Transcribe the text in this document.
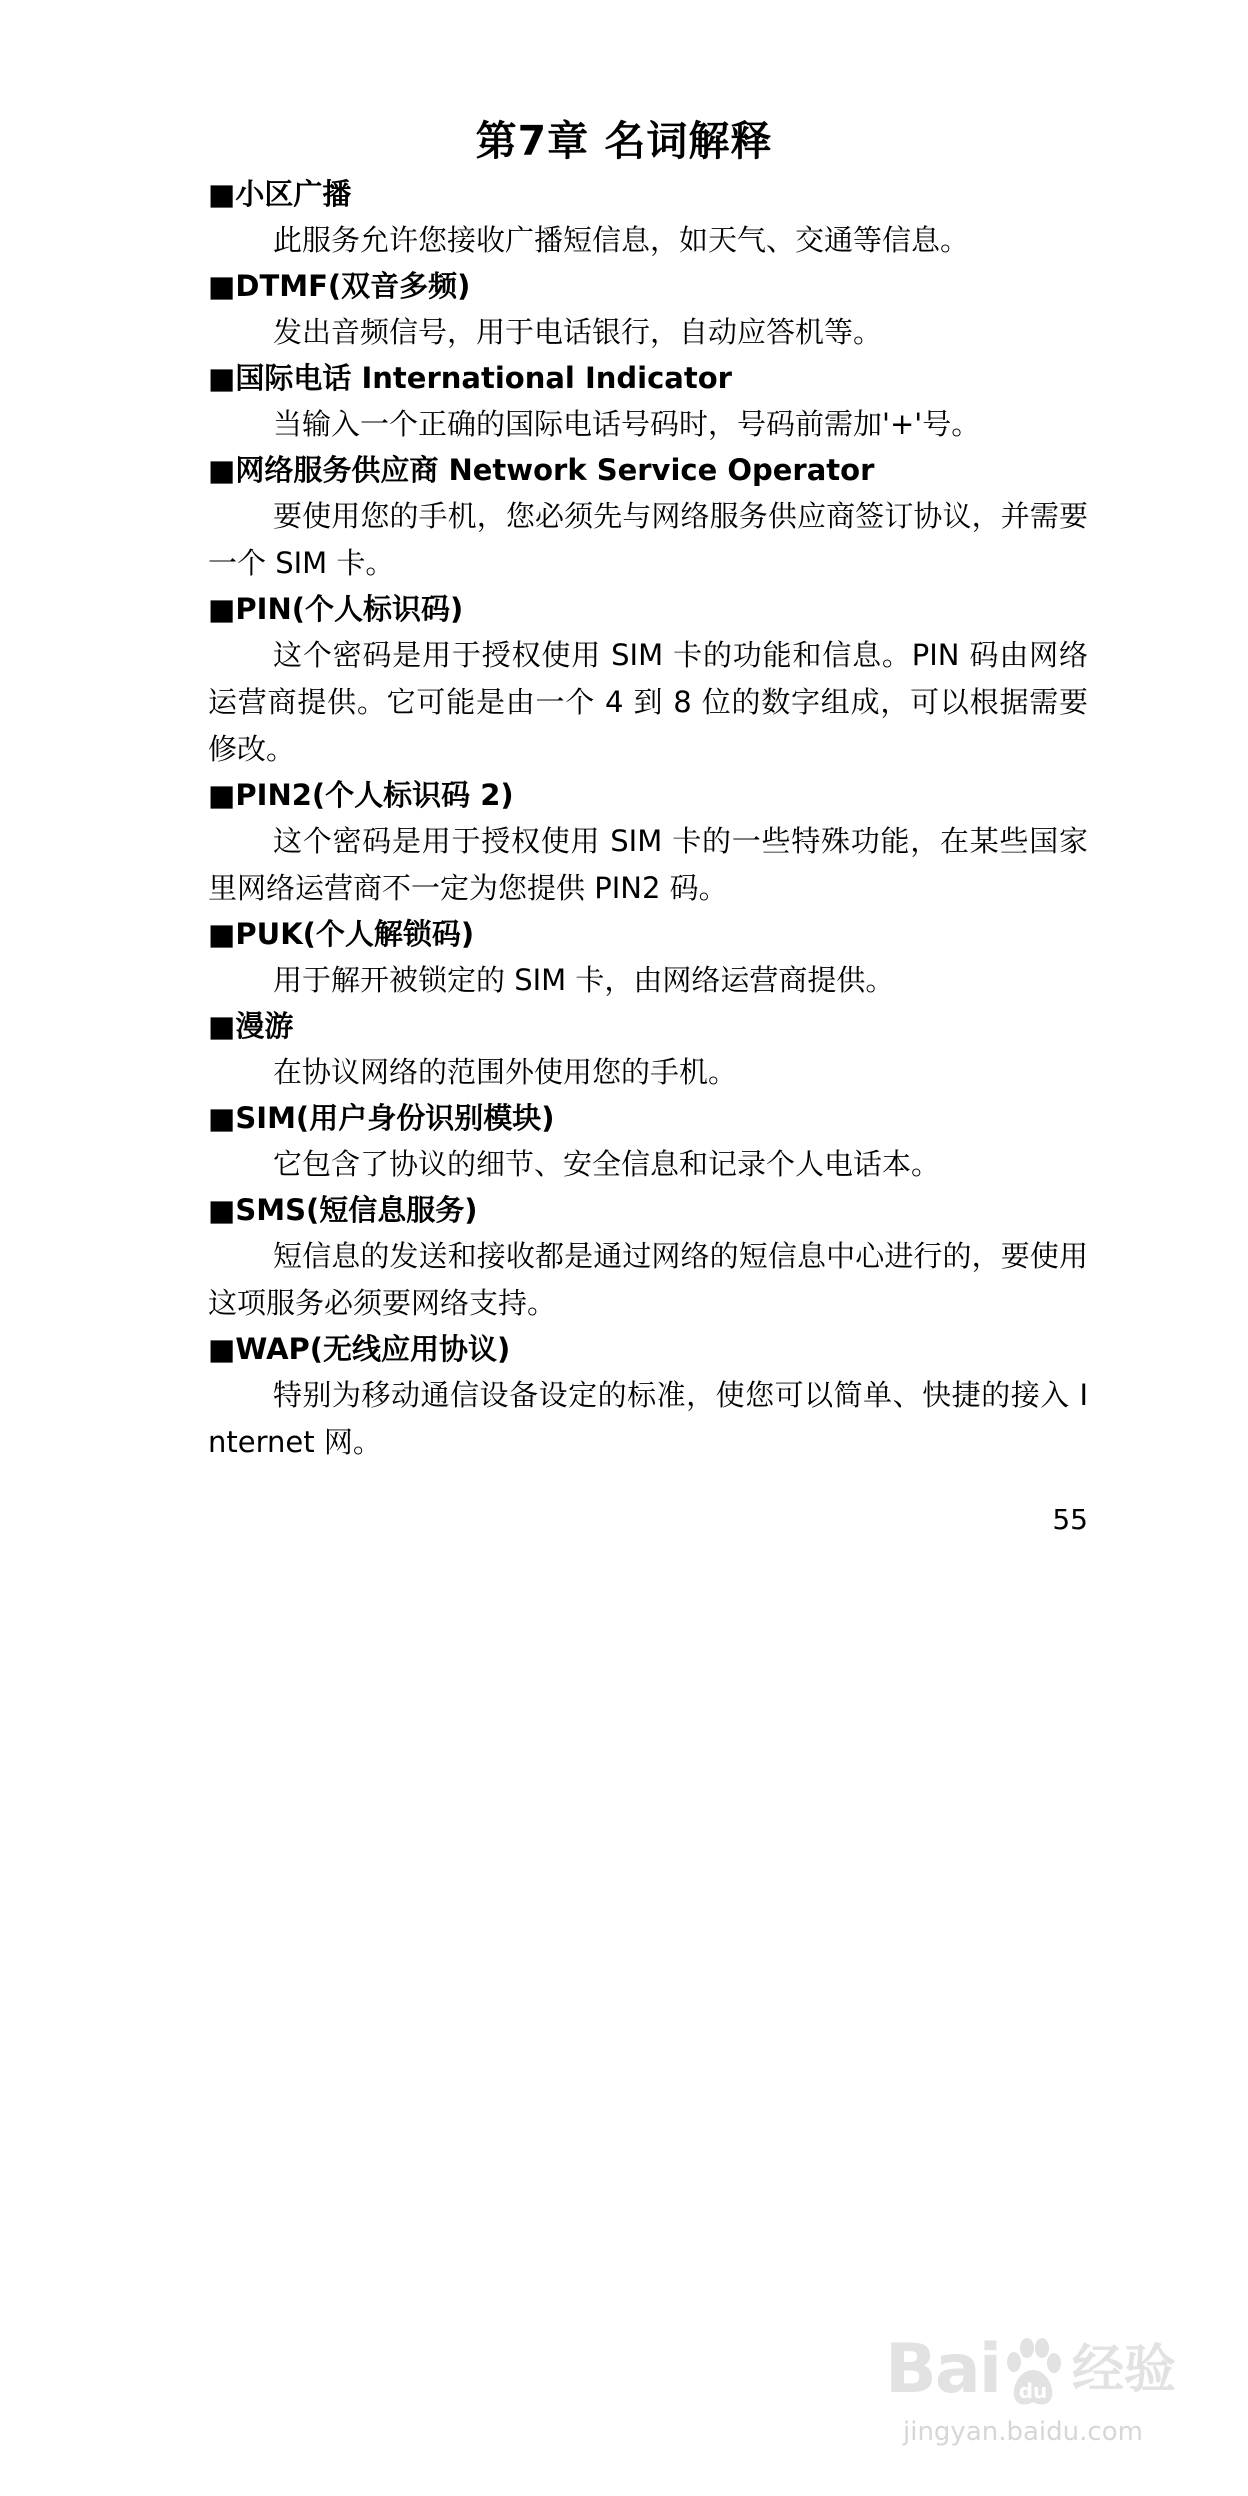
第7章 名词解释
■小区广播
此服务允许您接收广播短信息，如天气、交通等信息。
■DTMF(双音多频)
发出音频信号，用于电话银行，自动应答机等。
■国际电话 International Indicator
当输入一个正确的国际电话号码时，号码前需加'+'号。
■网络服务供应商 Network Service Operator
要使用您的手机，您必须先与网络服务供应商签订协议，并需要一个 SIM 卡。
■PIN(个人标识码)
这个密码是用于授权使用 SIM 卡的功能和信息。PIN 码由网络运营商提供。它可能是由一个 4 到 8 位的数字组成，可以根据需要修改。
■PIN2(个人标识码 2)
这个密码是用于授权使用 SIM 卡的一些特殊功能，在某些国家里网络运营商不一定为您提供 PIN2 码。
■PUK(个人解锁码)
用于解开被锁定的 SIM 卡，由网络运营商提供。
■漫游
在协议网络的范围外使用您的手机。
■SIM(用户身份识别模块)
它包含了协议的细节、安全信息和记录个人电话本。
■SMS(短信息服务)
短信息的发送和接收都是通过网络的短信息中心进行的，要使用这项服务必须要网络支持。
■WAP(无线应用协议)
特别为移动通信设备设定的标准，使您可以简单、快捷的接入 Internet 网。
55
Bai du 经验
jingyan.baidu.com
